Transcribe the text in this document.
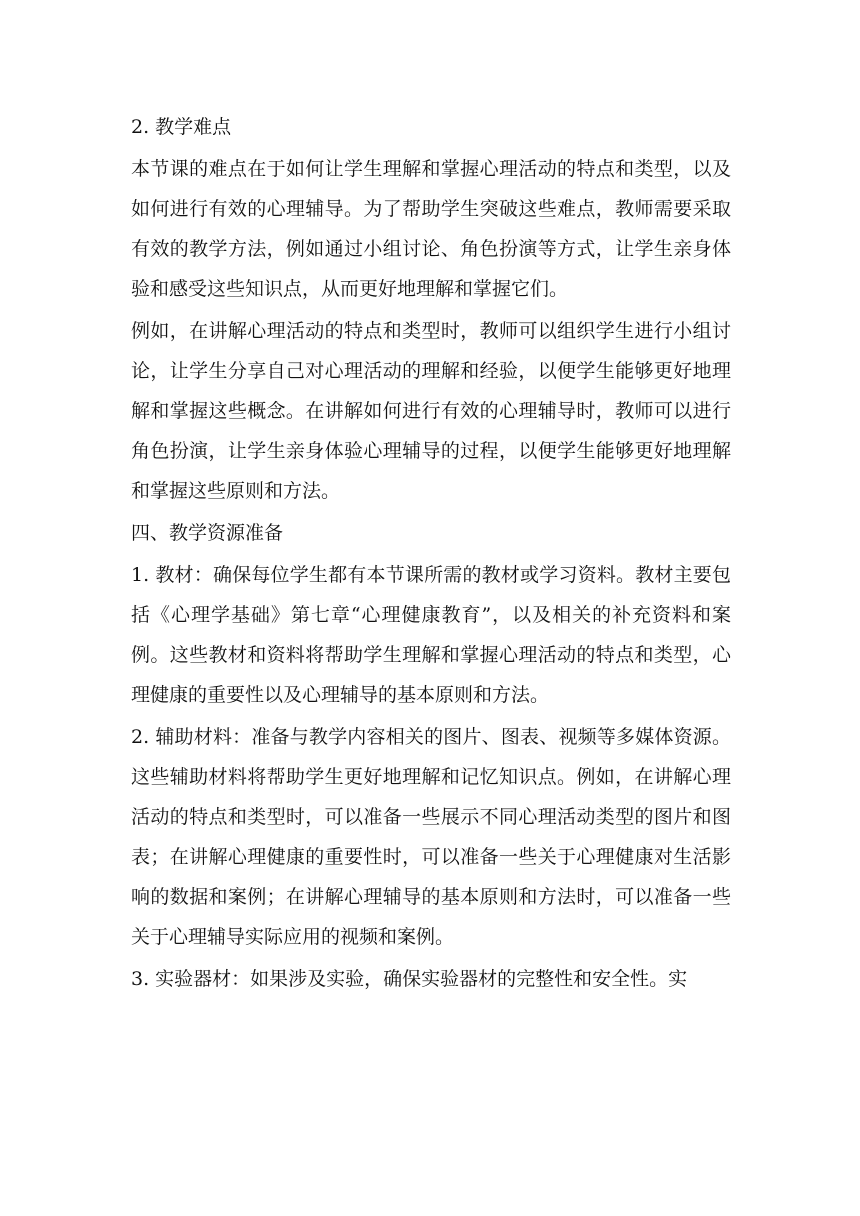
2. 教学难点

本节课的难点在于如何让学生理解和掌握心理活动的特点和类型，以及如何进行有效的心理辅导。为了帮助学生突破这些难点，教师需要采取有效的教学方法，例如通过小组讨论、角色扮演等方式，让学生亲身体验和感受这些知识点，从而更好地理解和掌握它们。

例如，在讲解心理活动的特点和类型时，教师可以组织学生进行小组讨论，让学生分享自己对心理活动的理解和经验，以便学生能够更好地理解和掌握这些概念。在讲解如何进行有效的心理辅导时，教师可以进行角色扮演，让学生亲身体验心理辅导的过程，以便学生能够更好地理解和掌握这些原则和方法。

四、教学资源准备

1. 教材：确保每位学生都有本节课所需的教材或学习资料。教材主要包括《心理学基础》第七章“心理健康教育”，以及相关的补充资料和案例。这些教材和资料将帮助学生理解和掌握心理活动的特点和类型，心理健康的重要性以及心理辅导的基本原则和方法。

2. 辅助材料：准备与教学内容相关的图片、图表、视频等多媒体资源。这些辅助材料将帮助学生更好地理解和记忆知识点。例如，在讲解心理活动的特点和类型时，可以准备一些展示不同心理活动类型的图片和图表；在讲解心理健康的重要性时，可以准备一些关于心理健康对生活影响的数据和案例；在讲解心理辅导的基本原则和方法时，可以准备一些关于心理辅导实际应用的视频和案例。

3. 实验器材：如果涉及实验，确保实验器材的完整性和安全性。实
